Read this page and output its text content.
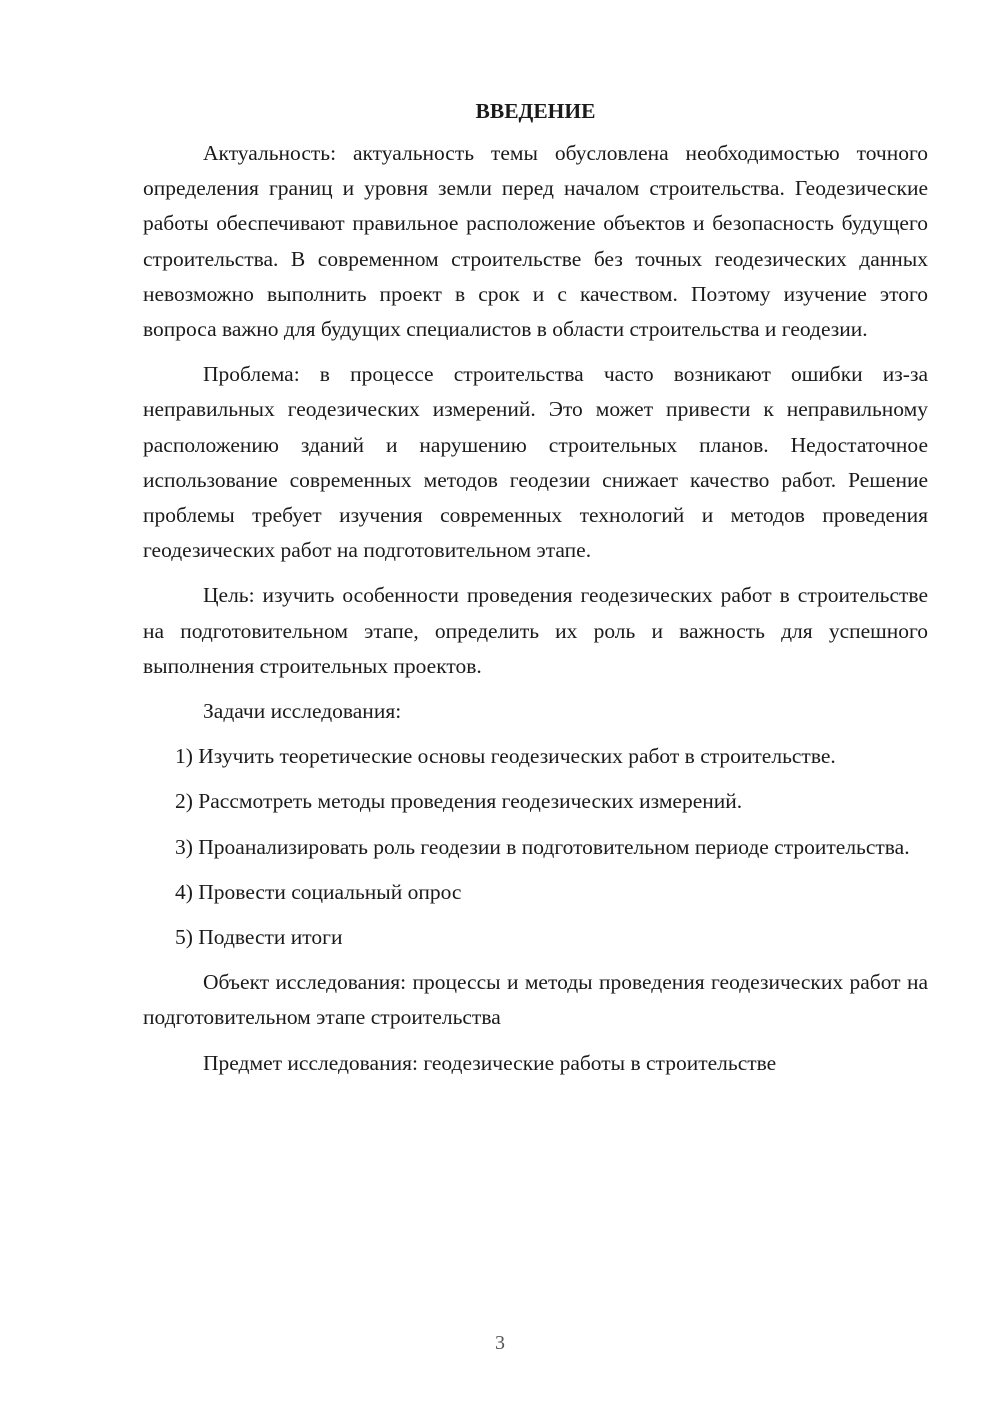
ВВЕДЕНИЕ

Актуальность: актуальность темы обусловлена необходимостью точного определения границ и уровня земли перед началом строительства. Геодезические работы обеспечивают правильное расположение объектов и безопасность будущего строительства. В современном строительстве без точных геодезических данных невозможно выполнить проект в срок и с качеством. Поэтому изучение этого вопроса важно для будущих специалистов в области строительства и геодезии.

Проблема: в процессе строительства часто возникают ошибки из-за неправильных геодезических измерений. Это может привести к неправильному расположению зданий и нарушению строительных планов. Недостаточное использование современных методов геодезии снижает качество работ. Решение проблемы требует изучения современных технологий и методов проведения геодезических работ на подготовительном этапе.

Цель: изучить особенности проведения геодезических работ в строительстве на подготовительном этапе, определить их роль и важность для успешного выполнения строительных проектов.

Задачи исследования:

1) Изучить теоретические основы геодезических работ в строительстве.

2) Рассмотреть методы проведения геодезических измерений.

3) Проанализировать роль геодезии в подготовительном периоде строительства.

4) Провести социальный опрос

5) Подвести итоги

Объект исследования: процессы и методы проведения геодезических работ на подготовительном этапе строительства

Предмет исследования: геодезические работы в строительстве

3
